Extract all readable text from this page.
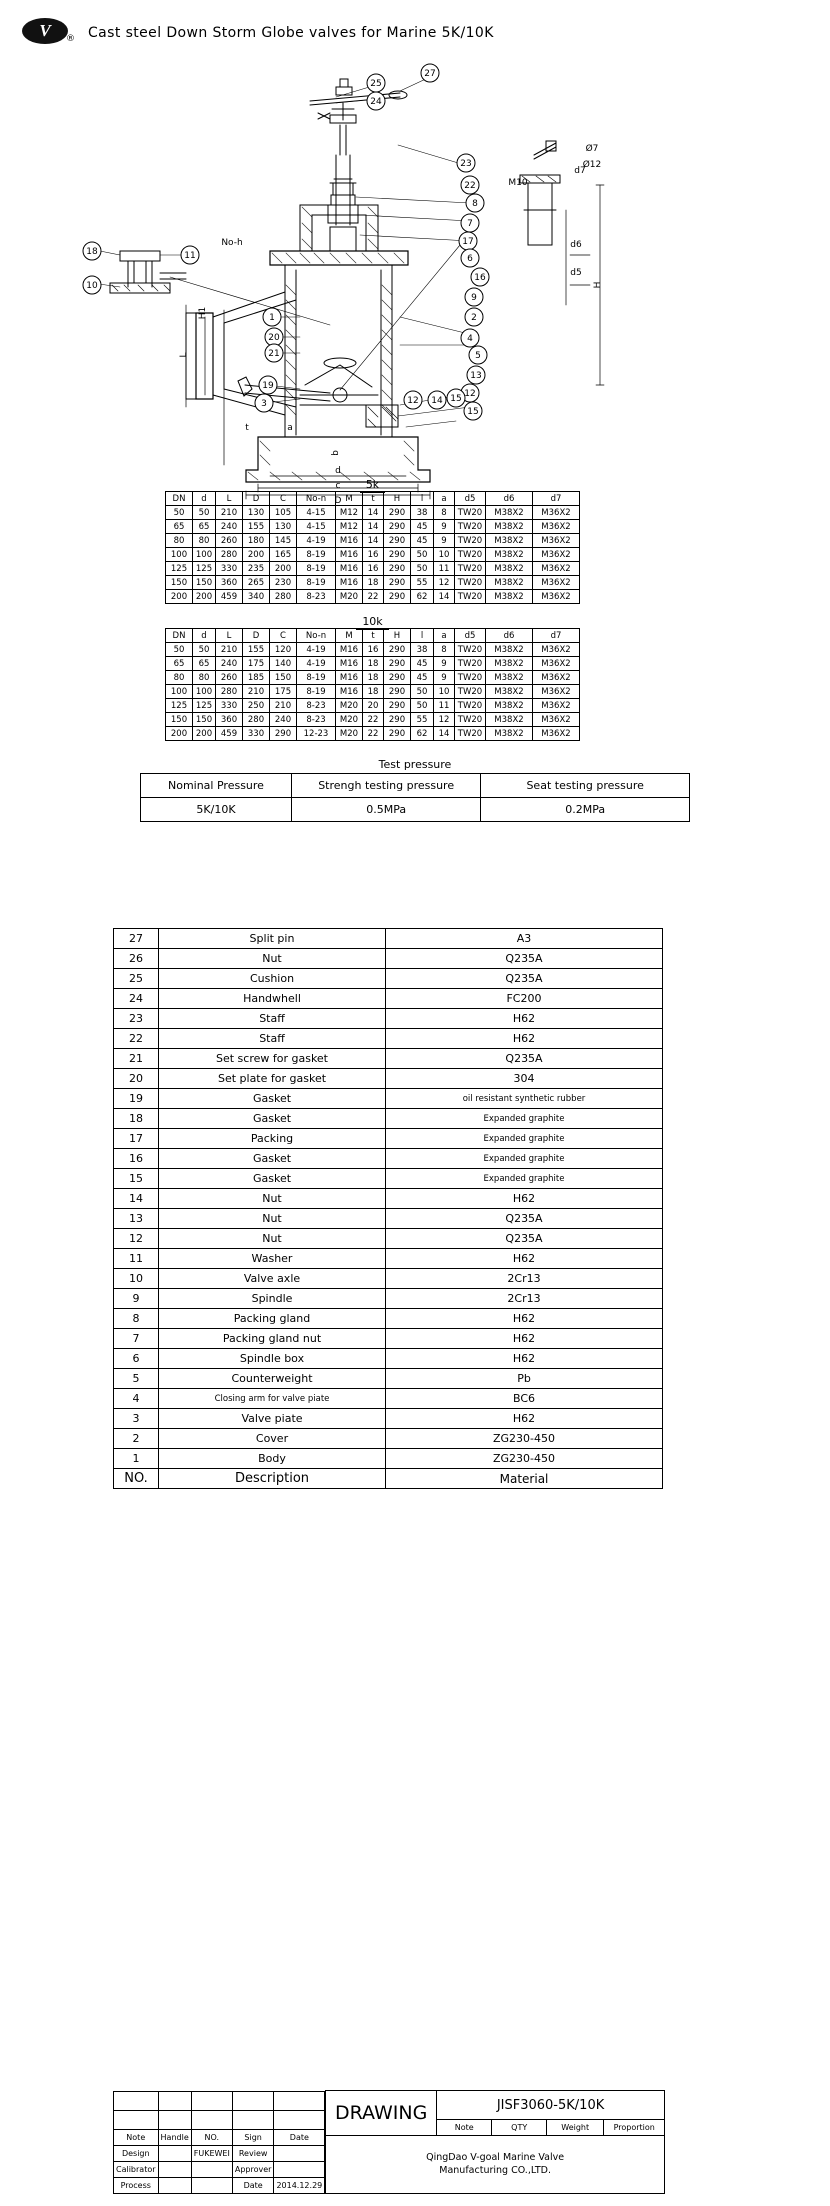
V	® Cast steel Down Storm Globe valves for Marine 5K/10K
27
25
24
23
22
8
7
17
6
16
9
2
4
5
13
12
15
15
14
12
1
20
21
19
3
18
10
11
No-h
H1
H
L
a
b
d
c
D
d6
d5
d7
M10
Ø7
Ø12
t
5k
DN	d	L	D	C	No-n	M	t	H	l	a	d5	d6	d7
50	50	210	130	105	4-15	M12	14	290	38	8	TW20	M38X2	M36X2
65	65	240	155	130	4-15	M12	14	290	45	9	TW20	M38X2	M36X2
80	80	260	180	145	4-19	M16	14	290	45	9	TW20	M38X2	M36X2
100	100	280	200	165	8-19	M16	16	290	50	10	TW20	M38X2	M36X2
125	125	330	235	200	8-19	M16	16	290	50	11	TW20	M38X2	M36X2
150	150	360	265	230	8-19	M16	18	290	55	12	TW20	M38X2	M36X2
200	200	459	340	280	8-23	M20	22	290	62	14	TW20	M38X2	M36X2
10k
DN	d	L	D	C	No-n	M	t	H	l	a	d5	d6	d7
50	50	210	155	120	4-19	M16	16	290	38	8	TW20	M38X2	M36X2
65	65	240	175	140	4-19	M16	18	290	45	9	TW20	M38X2	M36X2
80	80	260	185	150	8-19	M16	18	290	45	9	TW20	M38X2	M36X2
100	100	280	210	175	8-19	M16	18	290	50	10	TW20	M38X2	M36X2
125	125	330	250	210	8-23	M20	20	290	50	11	TW20	M38X2	M36X2
150	150	360	280	240	8-23	M20	22	290	55	12	TW20	M38X2	M36X2
200	200	459	330	290	12-23	M20	22	290	62	14	TW20	M38X2	M36X2
Test pressure
Nominal Pressure	Strengh testing pressure	Seat testing pressure
5K/10K	0.5MPa	0.2MPa
27	Split pin	A3
26	Nut	Q235A
25	Cushion	Q235A
24	Handwhell	FC200
23	Staff	H62
22	Staff	H62
21	Set screw for gasket	Q235A
20	Set plate for gasket	304
19	Gasket	oil resistant synthetic rubber
18	Gasket	Expanded graphite
17	Packing	Expanded graphite
16	Gasket	Expanded graphite
15	Gasket	Expanded graphite
14	Nut	H62
13	Nut	Q235A
12	Nut	Q235A
11	Washer	H62
10	Valve axle	2Cr13
9	Spindle	2Cr13
8	Packing gland	H62
7	Packing gland nut	H62
6	Spindle box	H62
5	Counterweight	Pb
4	Closing arm for valve piate	BC6
3	Valve piate	H62
2	Cover	ZG230-450
1	Body	ZG230-450
NO.	Description	Material

Note	Handle	NO.	Sign	Date
Design		FUKEWEI	Review	
Calibrator			Approver	
Process			Date	2014.12.29
	DRAWING	JISF3060-5K/10K
Note	QTY	Weight	Proportion

QingDao V-goal Marine Valve
Manufacturing CO.,LTD.
